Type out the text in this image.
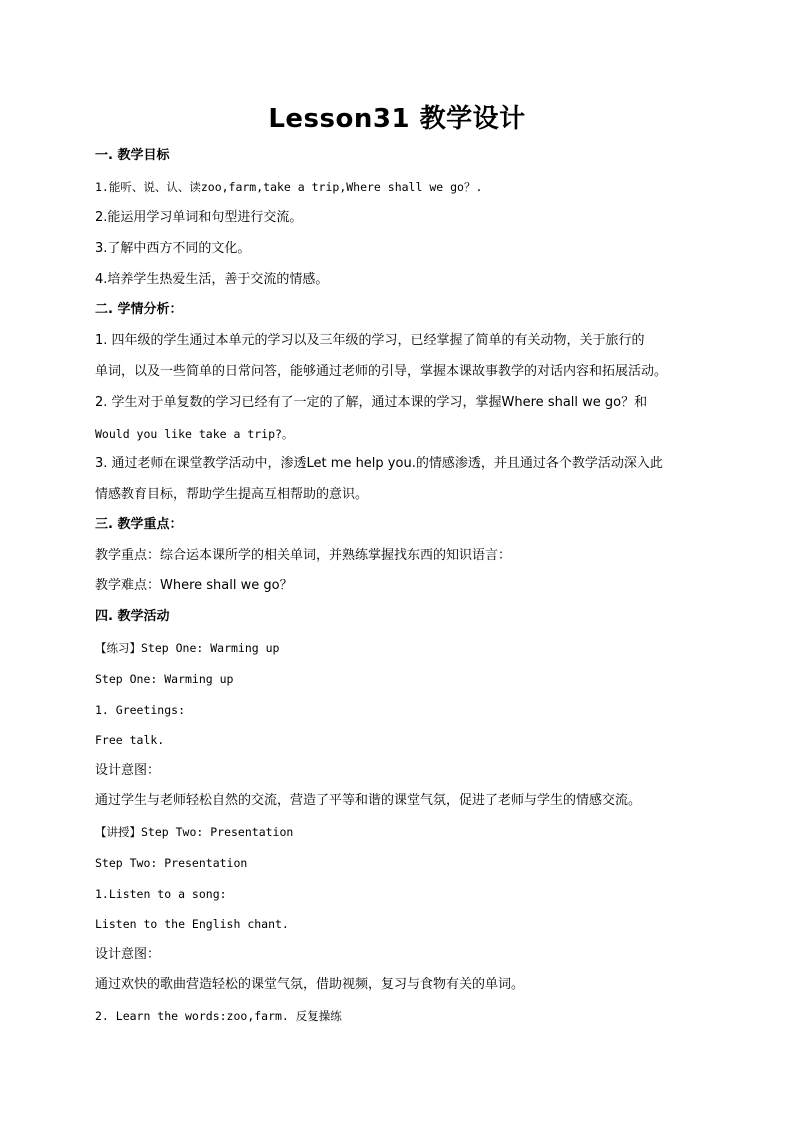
Lesson31 教学设计
一. 教学目标
1.能听、说、认、读zoo,farm,take a trip,Where shall we go？.
2.能运用学习单词和句型进行交流。
3.了解中西方不同的文化。
4.培养学生热爱生活，善于交流的情感。
二. 学情分析：
1. 四年级的学生通过本单元的学习以及三年级的学习，已经掌握了简单的有关动物，关于旅行的
单词，以及一些简单的日常问答，能够通过老师的引导，掌握本课故事教学的对话内容和拓展活动。
2. 学生对于单复数的学习已经有了一定的了解，通过本课的学习，掌握Where shall we go？和
Would you like take a trip?。
3. 通过老师在课堂教学活动中，渗透Let me help you.的情感渗透，并且通过各个教学活动深入此
情感教育目标，帮助学生提高互相帮助的意识。
三. 教学重点：
教学重点：综合运本课所学的相关单词，并熟练掌握找东西的知识语言：
教学难点：Where shall we go？
四. 教学活动
【练习】Step One: Warming up
Step One: Warming up
1. Greetings:
Free talk.
设计意图：
通过学生与老师轻松自然的交流，营造了平等和谐的课堂气氛，促进了老师与学生的情感交流。
【讲授】Step Two: Presentation
Step Two: Presentation
1.Listen to a song:
Listen to the English chant.
设计意图：
通过欢快的歌曲营造轻松的课堂气氛，借助视频，复习与食物有关的单词。
2. Learn the words:zoo,farm. 反复操练
